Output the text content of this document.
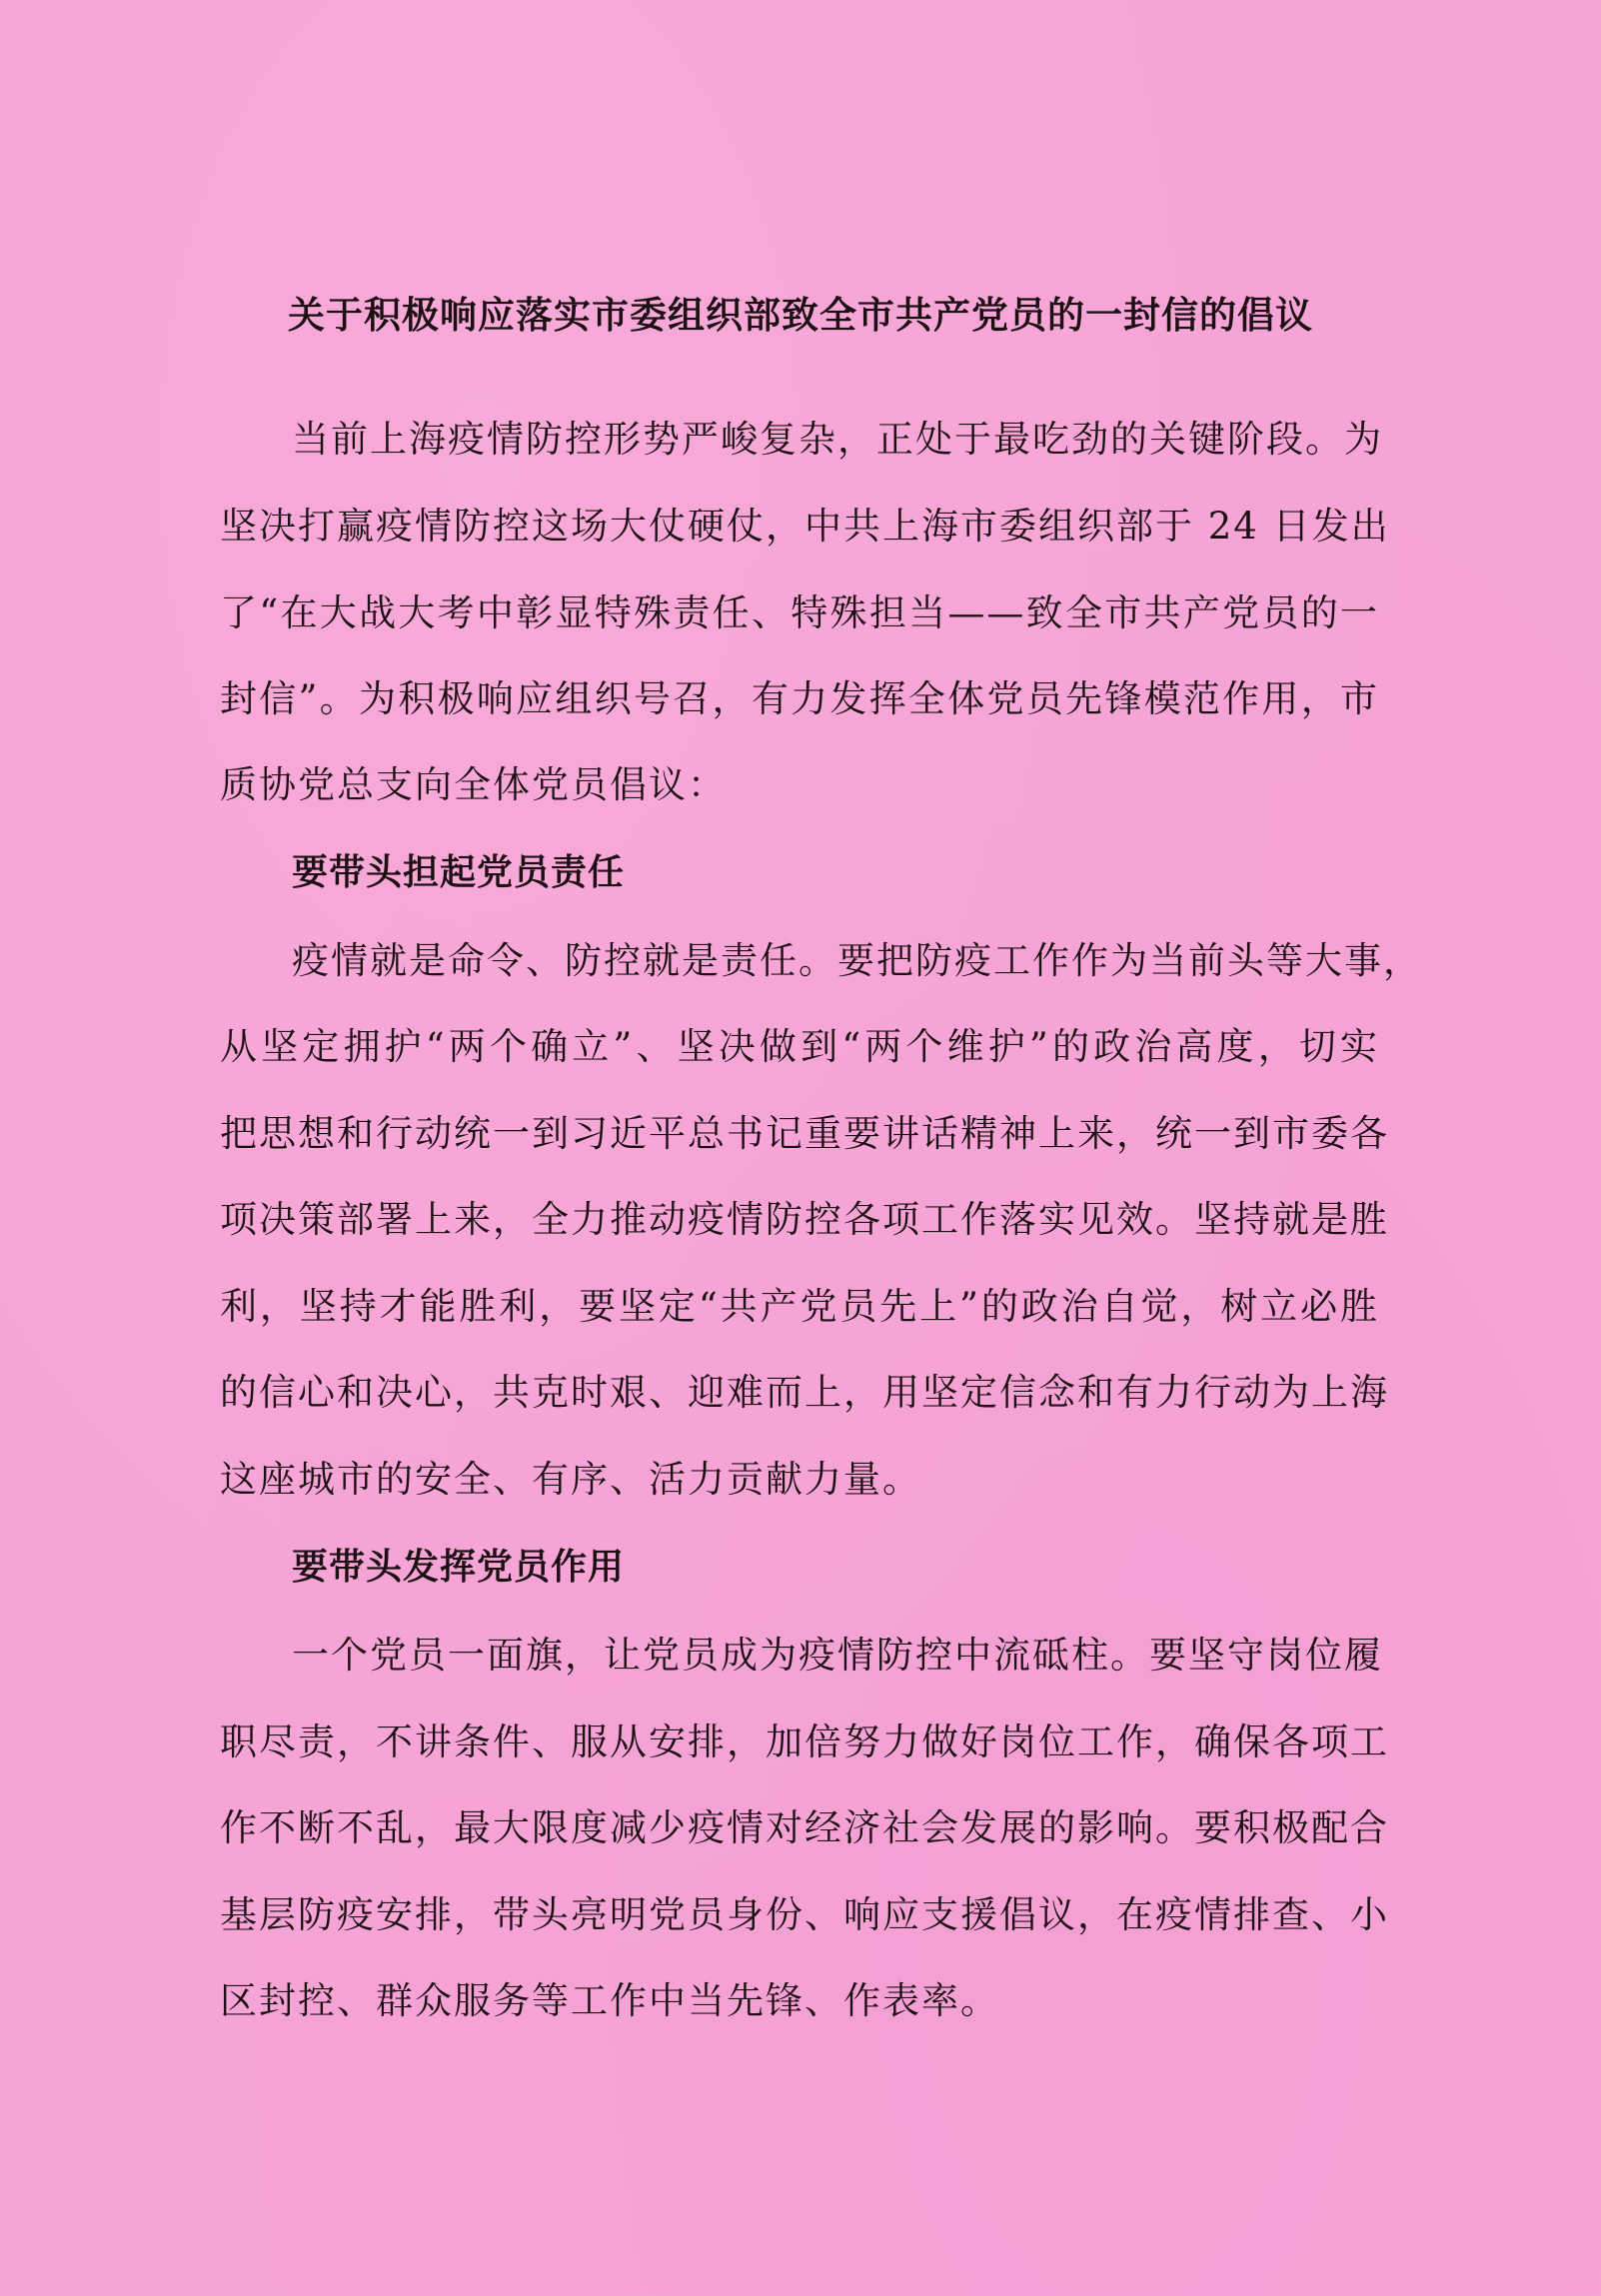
关于积极响应落实市委组织部致全市共产党员的一封信的倡议
当前上海疫情防控形势严峻复杂，正处于最吃劲的关键阶段。为
坚决打赢疫情防控这场大仗硬仗，中共上海市委组织部于 24 日发出
了“在大战大考中彰显特殊责任、特殊担当——致全市共产党员的一
封信”。为积极响应组织号召，有力发挥全体党员先锋模范作用，市
质协党总支向全体党员倡议：
要带头担起党员责任
疫情就是命令、防控就是责任。要把防疫工作作为当前头等大事，
从坚定拥护“两个确立”、坚决做到“两个维护”的政治高度，切实
把思想和行动统一到习近平总书记重要讲话精神上来，统一到市委各
项决策部署上来，全力推动疫情防控各项工作落实见效。坚持就是胜
利，坚持才能胜利，要坚定“共产党员先上”的政治自觉，树立必胜
的信心和决心，共克时艰、迎难而上，用坚定信念和有力行动为上海
这座城市的安全、有序、活力贡献力量。
要带头发挥党员作用
一个党员一面旗，让党员成为疫情防控中流砥柱。要坚守岗位履
职尽责，不讲条件、服从安排，加倍努力做好岗位工作，确保各项工
作不断不乱，最大限度减少疫情对经济社会发展的影响。要积极配合
基层防疫安排，带头亮明党员身份、响应支援倡议，在疫情排查、小
区封控、群众服务等工作中当先锋、作表率。
